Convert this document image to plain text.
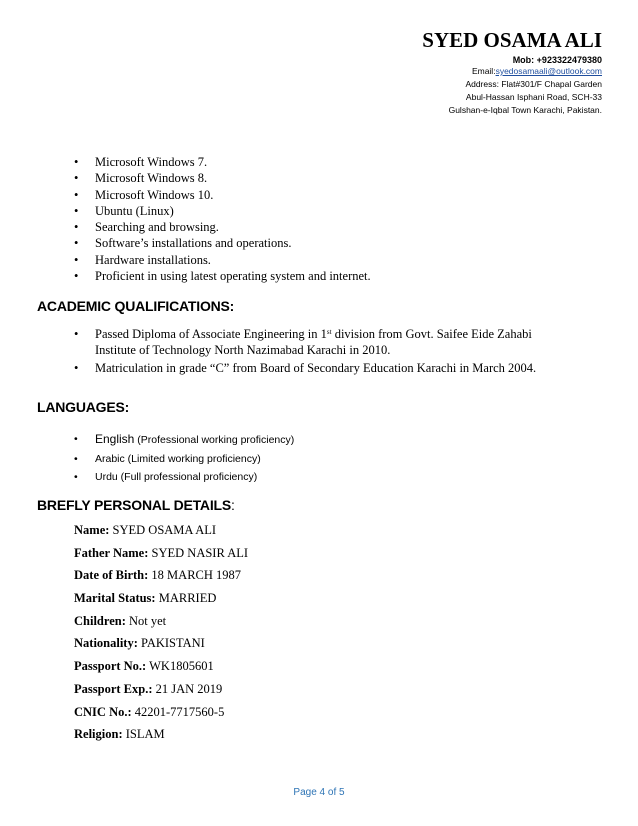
SYED OSAMA ALI
Mob: +923322479380
Email:syedosamaali@outlook.com
Address: Flat#301/F Chapal Garden
Abul-Hassan Isphani Road, SCH-33
Gulshan-e-Iqbal Town Karachi, Pakistan.
• Microsoft Windows 7.
• Microsoft Windows 8.
• Microsoft Windows 10.
• Ubuntu (Linux)
• Searching and browsing.
• Software’s installations and operations.
• Hardware installations.
• Proficient in using latest operating system and internet.
ACADEMIC QUALIFICATIONS:
• Passed Diploma of Associate Engineering in 1st division from Govt. Saifee Eide Zahabi Institute of Technology North Nazimabad Karachi in 2010.
• Matriculation in grade “C” from Board of Secondary Education Karachi in March 2004.
LANGUAGES:
• English (Professional working proficiency)
• Arabic (Limited working proficiency)
• Urdu (Full professional proficiency)
BREFLY PERSONAL DETAILS:
Name: SYED OSAMA ALI
Father Name: SYED NASIR ALI
Date of Birth: 18 MARCH 1987
Marital Status: MARRIED
Children: Not yet
Nationality: PAKISTANI
Passport No.: WK1805601
Passport Exp.: 21 JAN 2019
CNIC No.: 42201-7717560-5
Religion: ISLAM
Page 4 of 5
